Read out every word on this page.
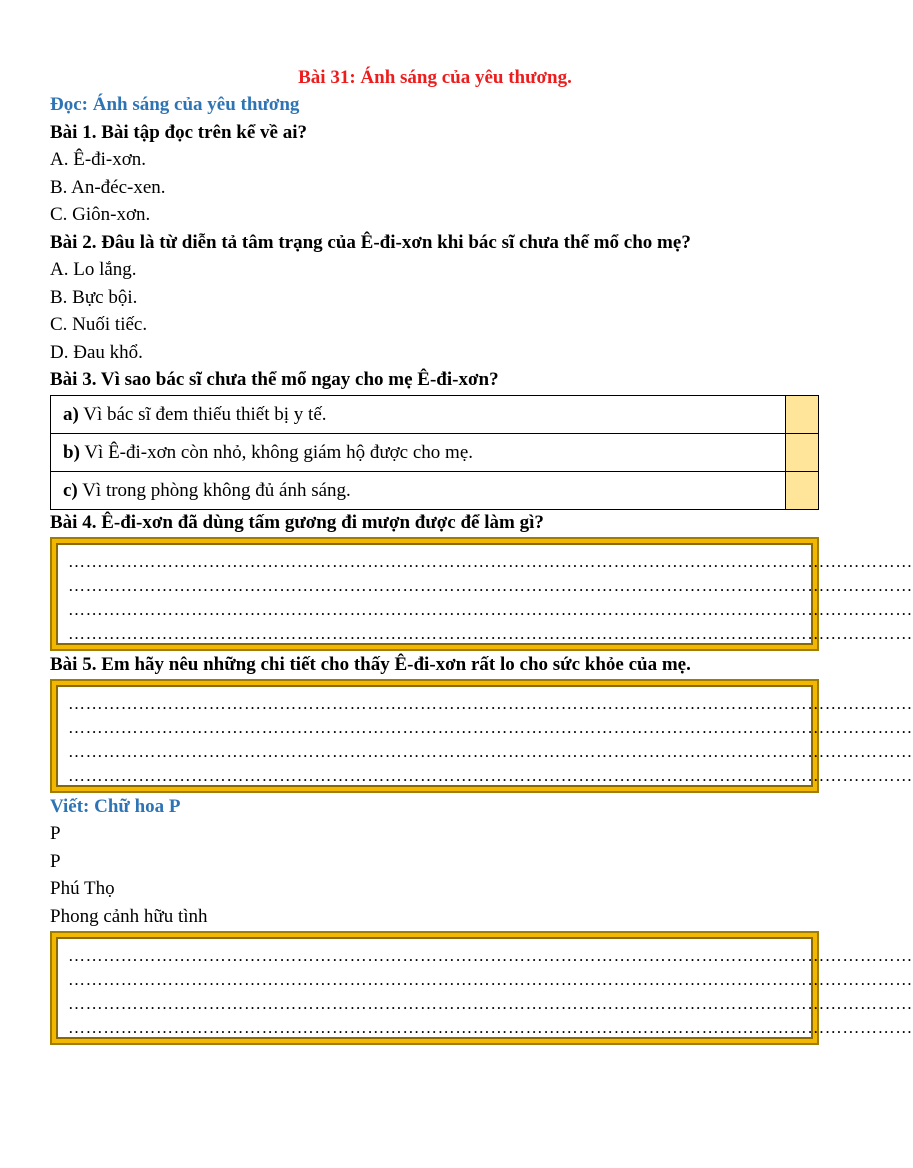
Bài 31: Ánh sáng của yêu thương.
Đọc: Ánh sáng của yêu thương
Bài 1. Bài tập đọc trên kể về ai?
A. Ê-đi-xơn.
B. An-đéc-xen.
C. Giôn-xơn.
Bài 2. Đâu là từ diễn tả tâm trạng của Ê-đi-xơn khi bác sĩ chưa thể mổ cho mẹ?
A. Lo lắng.
B. Bực bội.
C. Nuối tiếc.
D. Đau khổ.
Bài 3. Vì sao bác sĩ chưa thể mổ ngay cho mẹ Ê-đi-xơn?
a) Vì bác sĩ đem thiếu thiết bị y tế.	
b) Vì Ê-đi-xơn còn nhỏ, không giám hộ được cho mẹ.	
c) Vì trong phòng không đủ ánh sáng.	
Bài 4. Ê-đi-xơn đã dùng tấm gương đi mượn được để làm gì?
………………………………………………………………………………………………………………………………
………………………………………………………………………………………………………………………………
………………………………………………………………………………………………………………………………
………………………………………………………………………………………………………………………………
Bài 5. Em hãy nêu những chi tiết cho thấy Ê-đi-xơn rất lo cho sức khỏe của mẹ.
………………………………………………………………………………………………………………………………
………………………………………………………………………………………………………………………………
………………………………………………………………………………………………………………………………
………………………………………………………………………………………………………………………………
Viết: Chữ hoa P
P
P
Phú Thọ
Phong cảnh hữu tình
………………………………………………………………………………………………………………………………
………………………………………………………………………………………………………………………………
………………………………………………………………………………………………………………………………
………………………………………………………………………………………………………………………………
